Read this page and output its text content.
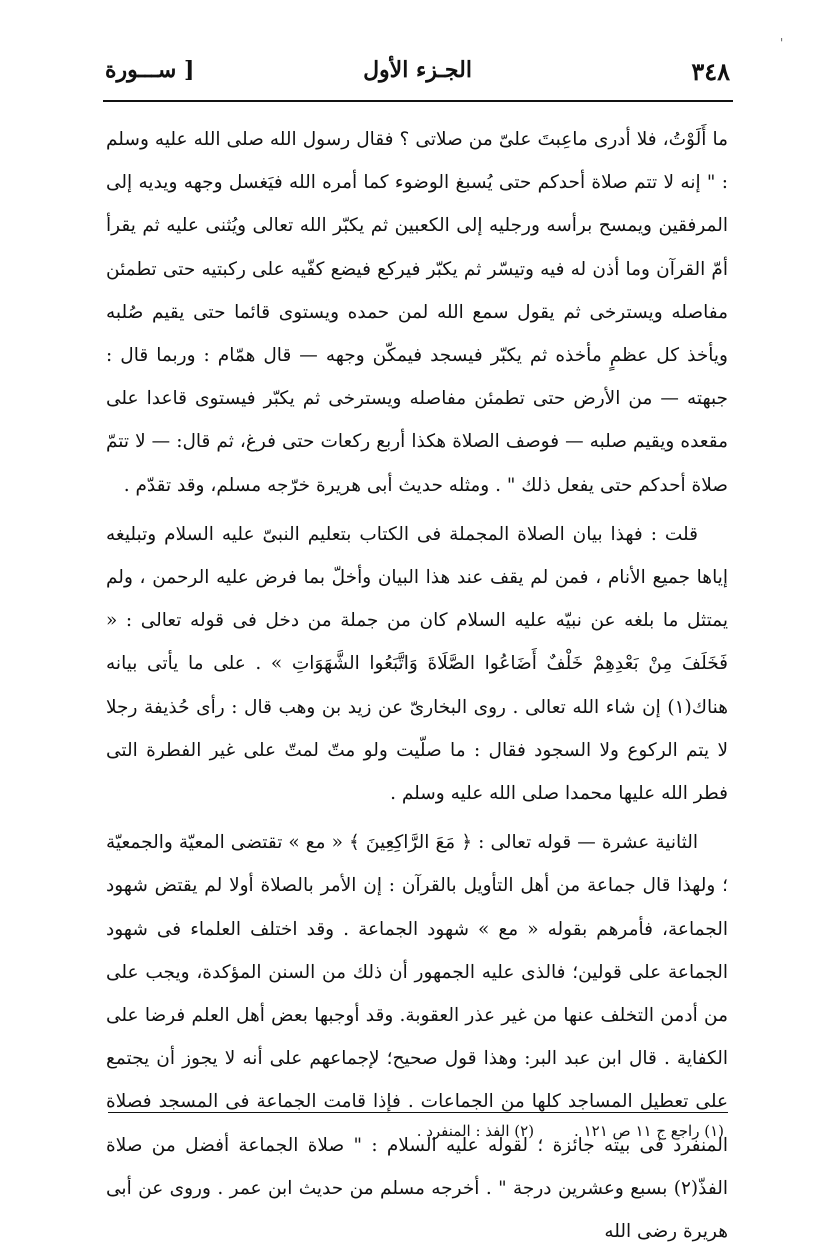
'
٣٤٨
الجـزء الأول
[ ســـورة

ما أَلَوْتُ، فلا أدرى ماعِبتَ علىّ من صلاتى ؟ فقال رسول الله صلى الله عليه وسلم : " إنه لا تتم صلاة أحدكم حتى يُسبغ الوضوء كما أمره الله فيَغسل وجهه ويديه إلى المرفقين ويمسح برأسه ورجليه إلى الكعبين ثم يكبّر الله تعالى ويُثنى عليه ثم يقرأ أمّ القرآن وما أذن له فيه وتيسّر ثم يكبّر فيركع فيضع كفّيه على ركبتيه حتى تطمئن مفاصله ويسترخى ثم يقول سمع الله لمن حمده ويستوى قائما حتى يقيم صُلبه ويأخذ كل عظمٍ مأخذه ثم يكبّر فيسجد فيمكّن وجهه — قال همّام : وربما قال : جبهته — من الأرض حتى تطمئن مفاصله ويسترخى ثم يكبّر فيستوى قاعدا على مقعده ويقيم صلبه — فوصف الصلاة هكذا أربع ركعات حتى فرغ، ثم قال: — لا تتمّ صلاة أحدكم حتى يفعل ذلك " . ومثله حديث أبى هريرة خرّجه مسلم، وقد تقدّم .

قلت : فهذا بيان الصلاة المجملة فى الكتاب بتعليم النبىّ عليه السلام وتبليغه إياها جميع الأنام ، فمن لم يقف عند هذا البيان وأخلّ بما فرض عليه الرحمن ، ولم يمتثل ما بلغه عن نبيّه عليه السلام كان من جملة من دخل فى قوله تعالى : « فَخَلَفَ مِنْ بَعْدِهِمْ خَلْفٌ أَضَاعُوا الصَّلَاةَ وَاتَّبَعُوا الشَّهَوَاتِ » . على ما يأتى بيانه هناك(١) إن شاء الله تعالى . روى البخارىّ عن زيد بن وهب قال : رأى حُذيفة رجلا لا يتم الركوع ولا السجود فقال : ما صلّيت ولو متّ لمتّ على غير الفطرة التى فطر الله عليها محمدا صلى الله عليه وسلم .

الثانية عشرة — قوله تعالى : ﴿ مَعَ الرَّاكِعِينَ ﴾ « مع » تقتضى المعيّة والجمعيّة ؛ ولهذا قال جماعة من أهل التأويل بالقرآن : إن الأمر بالصلاة أولا لم يقتض شهود الجماعة، فأمرهم بقوله « مع » شهود الجماعة . وقد اختلف العلماء فى شهود الجماعة على قولين؛ فالذى عليه الجمهور أن ذلك من السنن المؤكدة، ويجب على من أدمن التخلف عنها من غير عذر العقوبة. وقد أوجبها بعض أهل العلم فرضا على الكفاية . قال ابن عبد البر: وهذا قول صحيح؛ لإجماعهم على أنه لا يجوز أن يجتمع على تعطيل المساجد كلها من الجماعات . فإذا قامت الجماعة فى المسجد فصلاة المنفرد فى بيته جائزة ؛ لقوله عليه السلام : " صلاة الجماعة أفضل من صلاة الفذّ(٢) بسبع وعشرين درجة " . أخرجه مسلم من حديث ابن عمر . وروى عن أبى هريرة رضى الله

(١) راجع ج ١١ ص ١٢١ .
(٢) الفذ : المنفرد .
